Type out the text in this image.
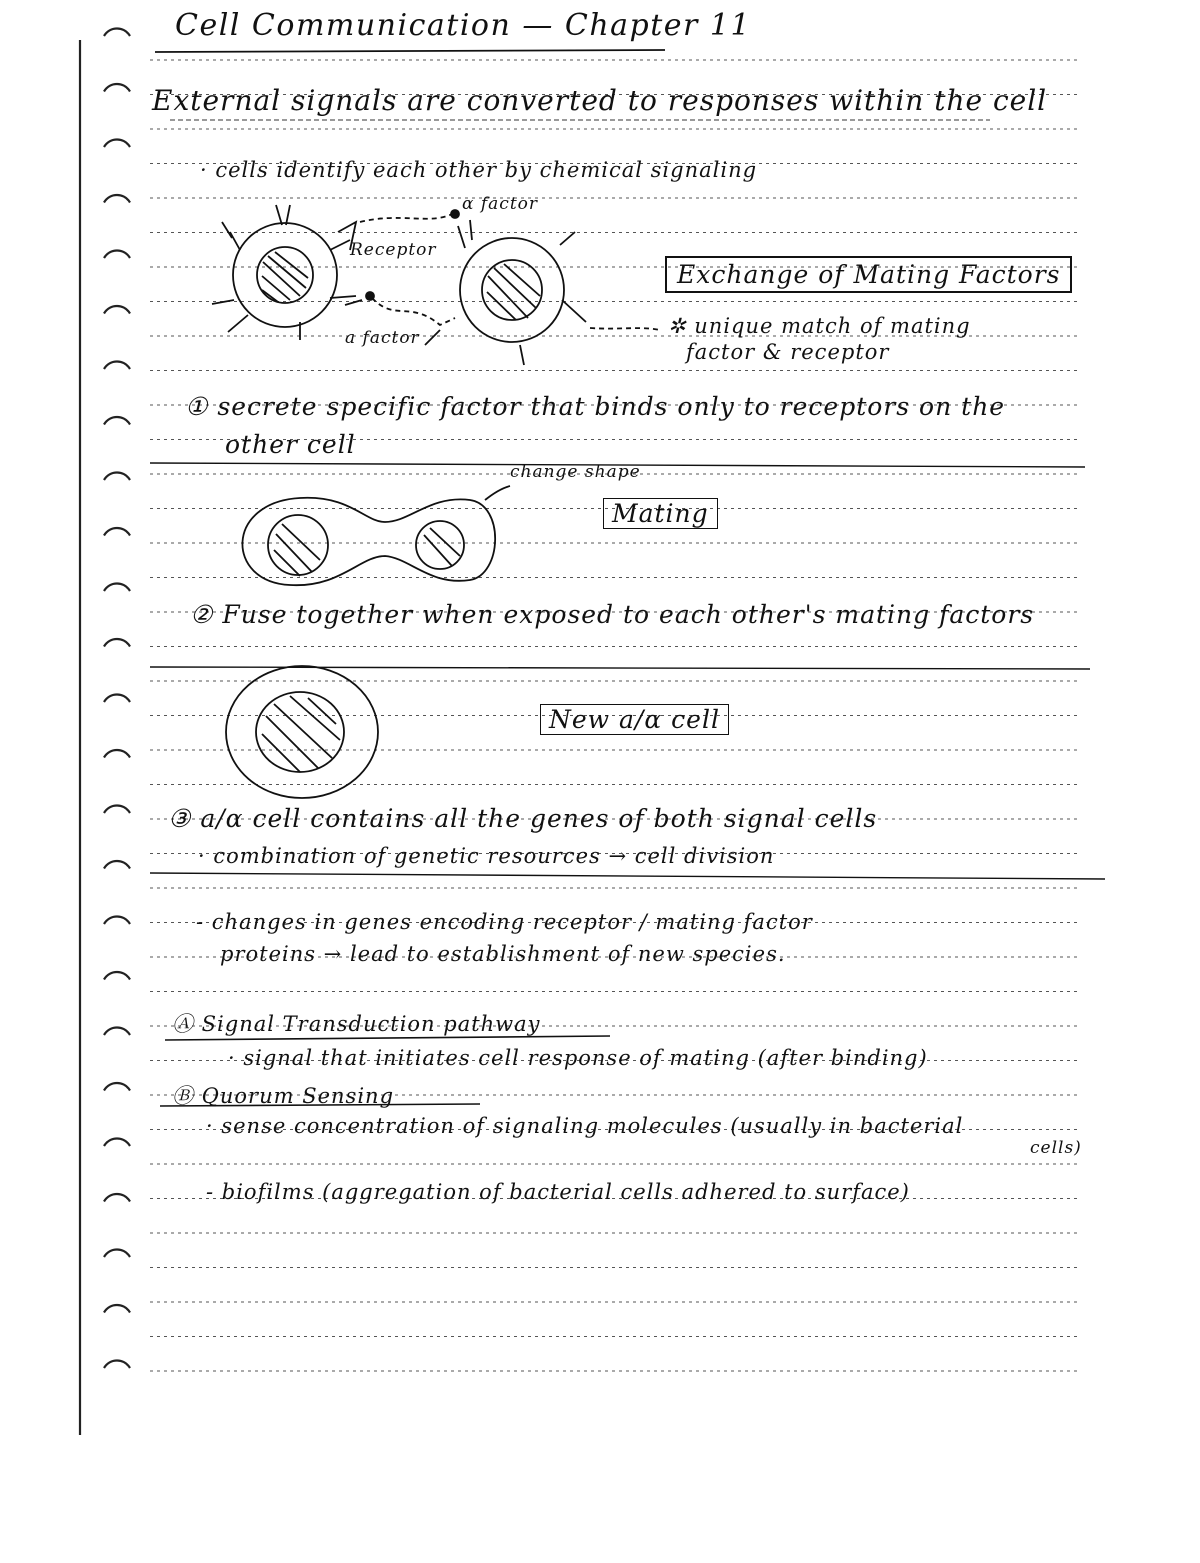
Cell Communication — Chapter 11
External signals are converted to responses within the cell
· cells identify each other by chemical signaling
α factor
Receptor
a factor
Exchange of Mating Factors
✲ unique match of mating
factor & receptor
① secrete specific factor that binds only to receptors on the
other cell
change shape
Mating
② Fuse together when exposed to each other's mating factors
New a/α cell
③ a/α cell contains all the genes of both signal cells
· combination of genetic resources → cell division
- changes in genes encoding receptor / mating factor
proteins → lead to establishment of new species.
Ⓐ Signal Transduction pathway
· signal that initiates cell response of mating (after binding)
Ⓑ Quorum Sensing
· sense concentration of signaling molecules (usually in bacterial
cells)
- biofilms (aggregation of bacterial cells adhered to surface)
